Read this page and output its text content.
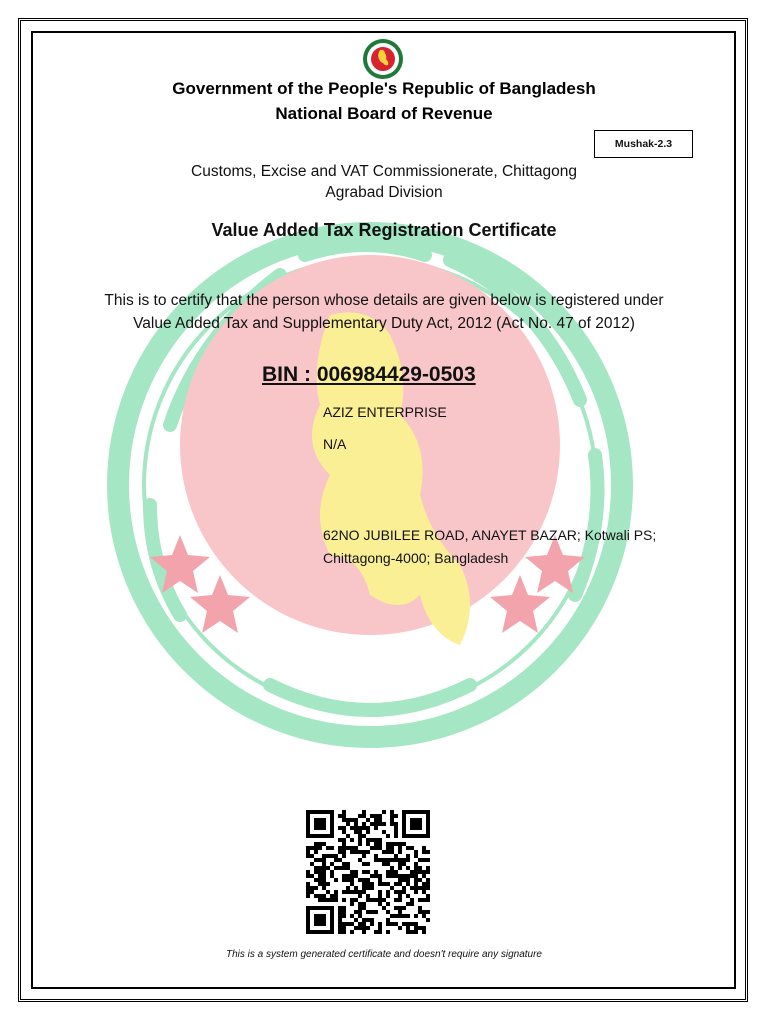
Government of the People's Republic of Bangladesh
National Board of Revenue
Mushak-2.3
Customs, Excise and VAT Commissionerate, Chittagong
Agrabad Division
Value Added Tax Registration Certificate
This is to certify that the person whose details are given below is registered under
Value Added Tax and Supplementary Duty Act, 2012 (Act No. 47 of 2012)
BIN : 006984429-0503
AZIZ ENTERPRISE
N/A
62NO JUBILEE ROAD, ANAYET BAZAR; Kotwali PS;
Chittagong-4000; Bangladesh
This is a system generated certificate and doesn't require any signature
